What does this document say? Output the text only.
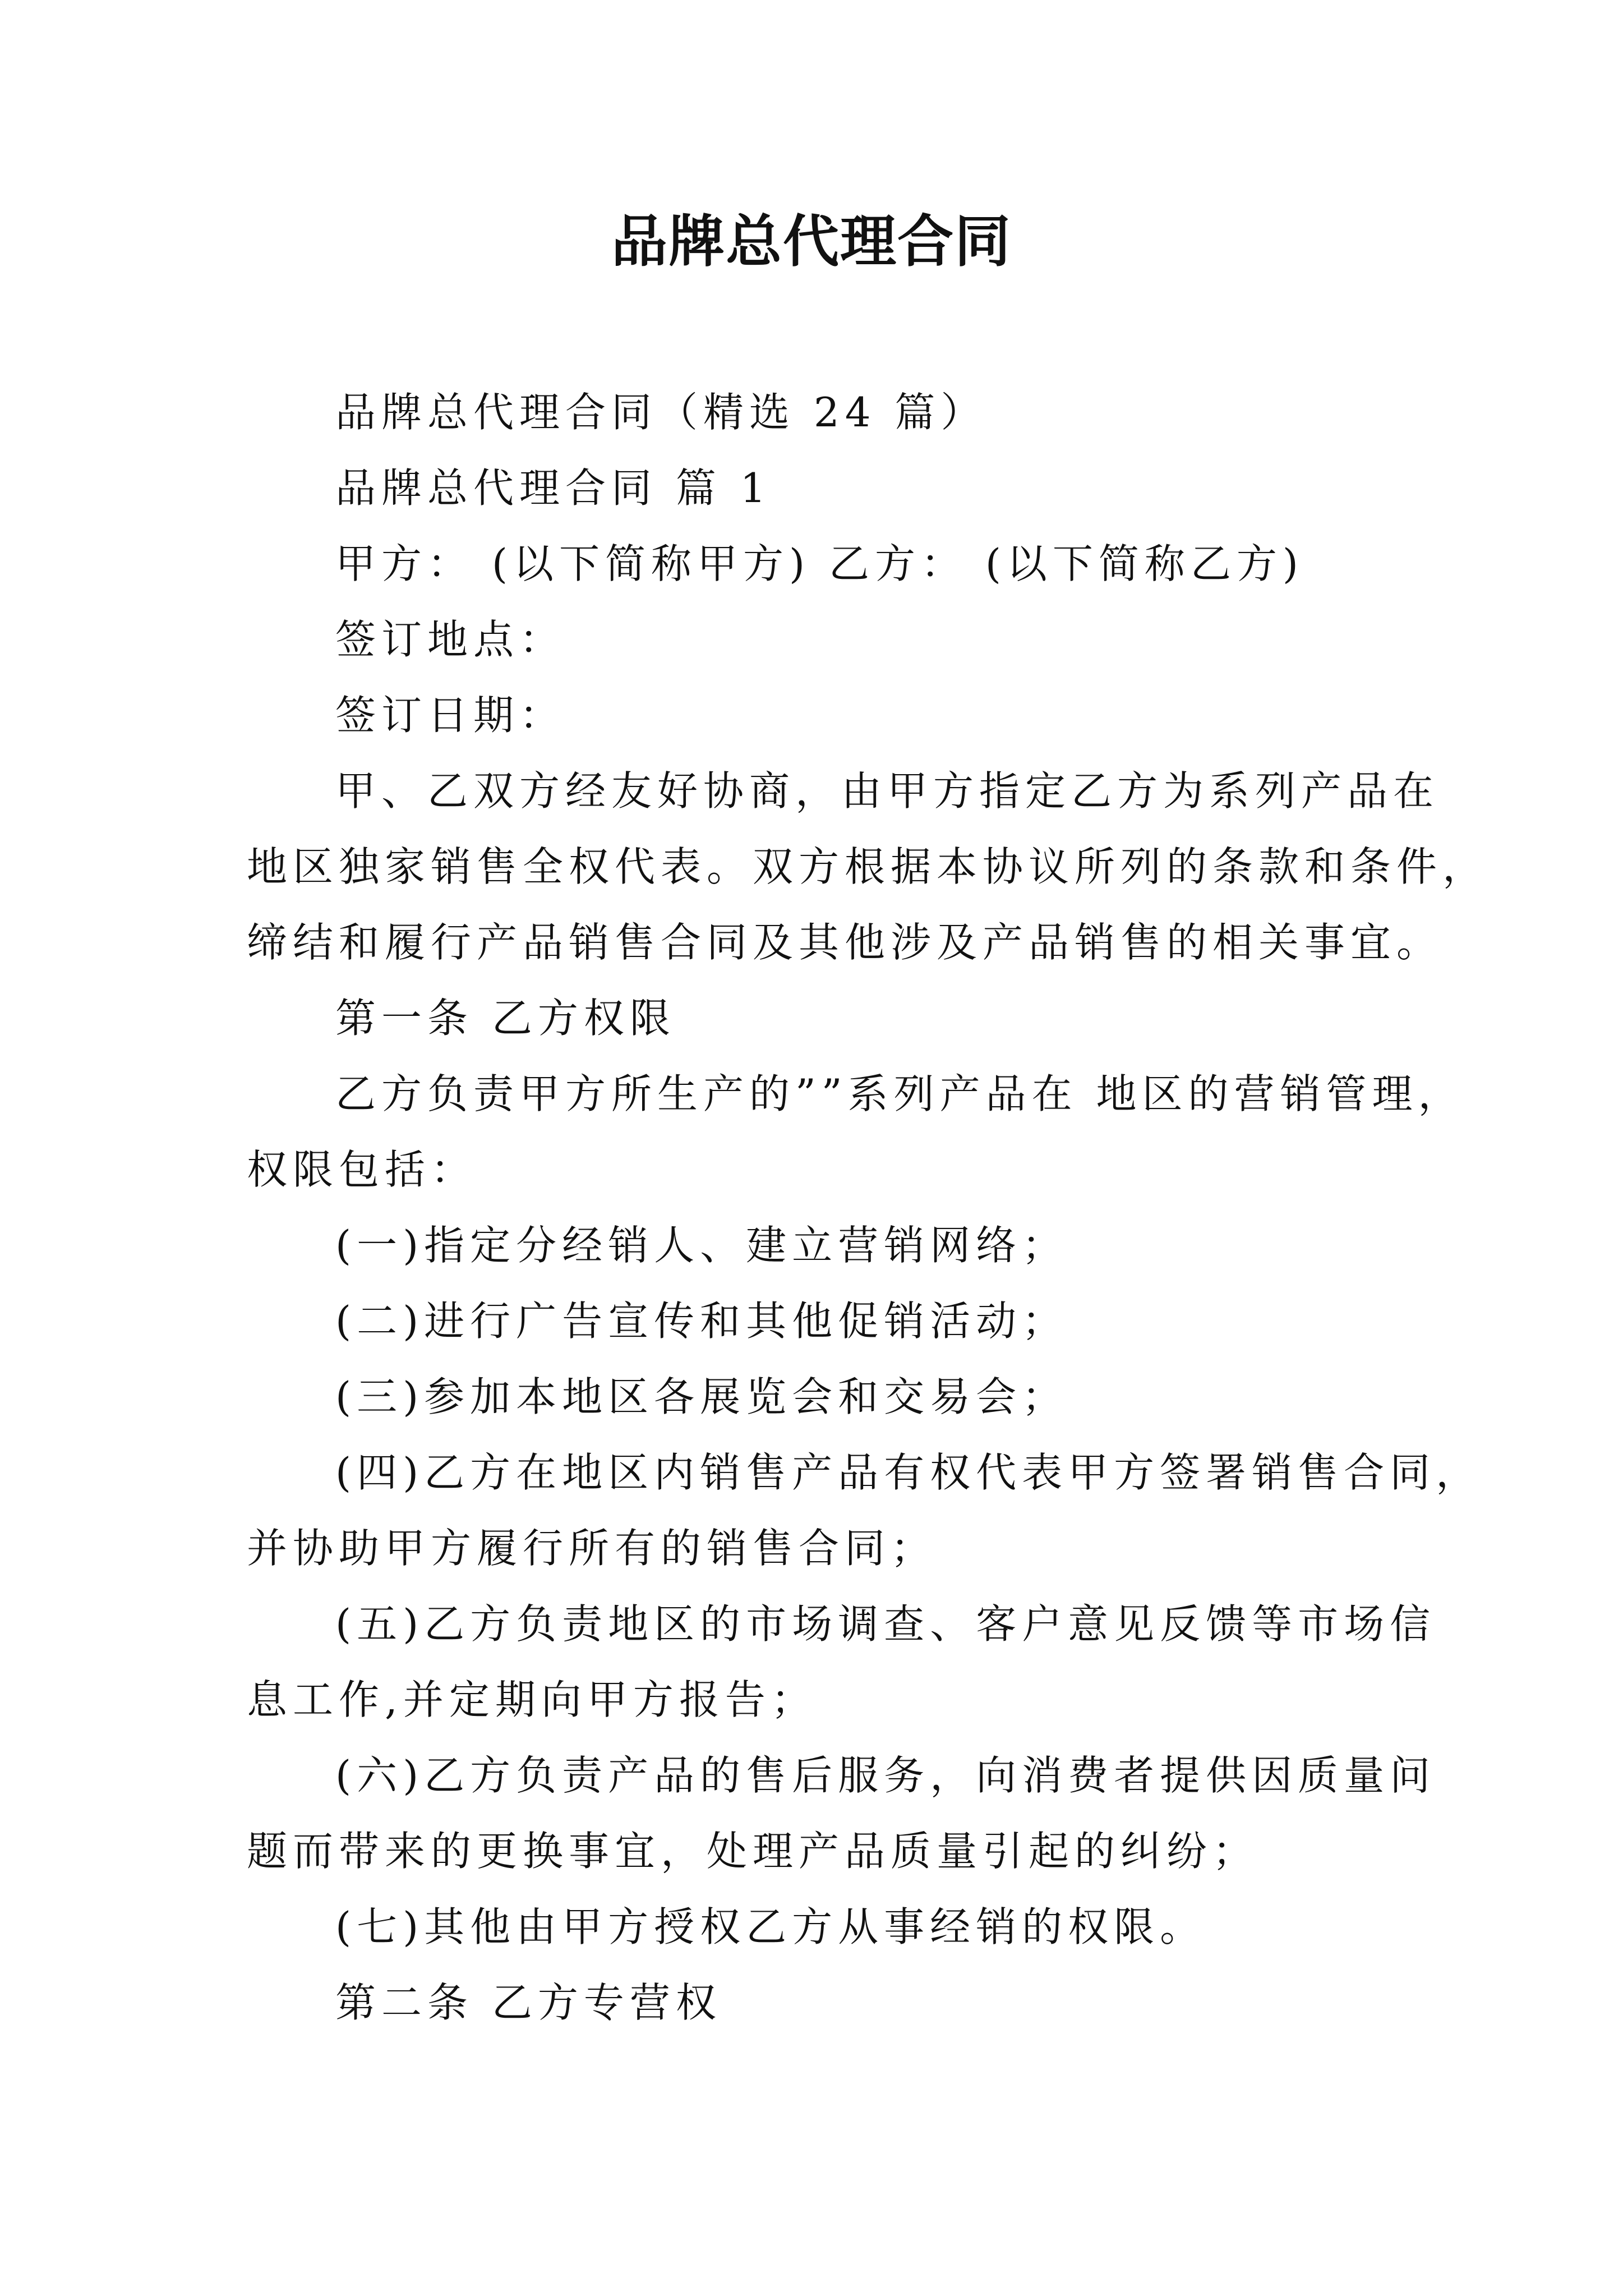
品牌总代理合同
品牌总代理合同（精选 24 篇）
品牌总代理合同 篇 1
甲方： (以下简称甲方) 乙方： (以下简称乙方)
签订地点：
签订日期：
甲、乙双方经友好协商，由甲方指定乙方为系列产品在
地区独家销售全权代表。双方根据本协议所列的条款和条件，
缔结和履行产品销售合同及其他涉及产品销售的相关事宜。
第一条 乙方权限
乙方负责甲方所生产的””系列产品在 地区的营销管理，
权限包括：
(一)指定分经销人、建立营销网络；
(二)进行广告宣传和其他促销活动；
(三)参加本地区各展览会和交易会；
(四)乙方在地区内销售产品有权代表甲方签署销售合同，
并协助甲方履行所有的销售合同；
(五)乙方负责地区的市场调查、客户意见反馈等市场信
息工作,并定期向甲方报告；
(六)乙方负责产品的售后服务，向消费者提供因质量问
题而带来的更换事宜，处理产品质量引起的纠纷；
(七)其他由甲方授权乙方从事经销的权限。
第二条 乙方专营权
